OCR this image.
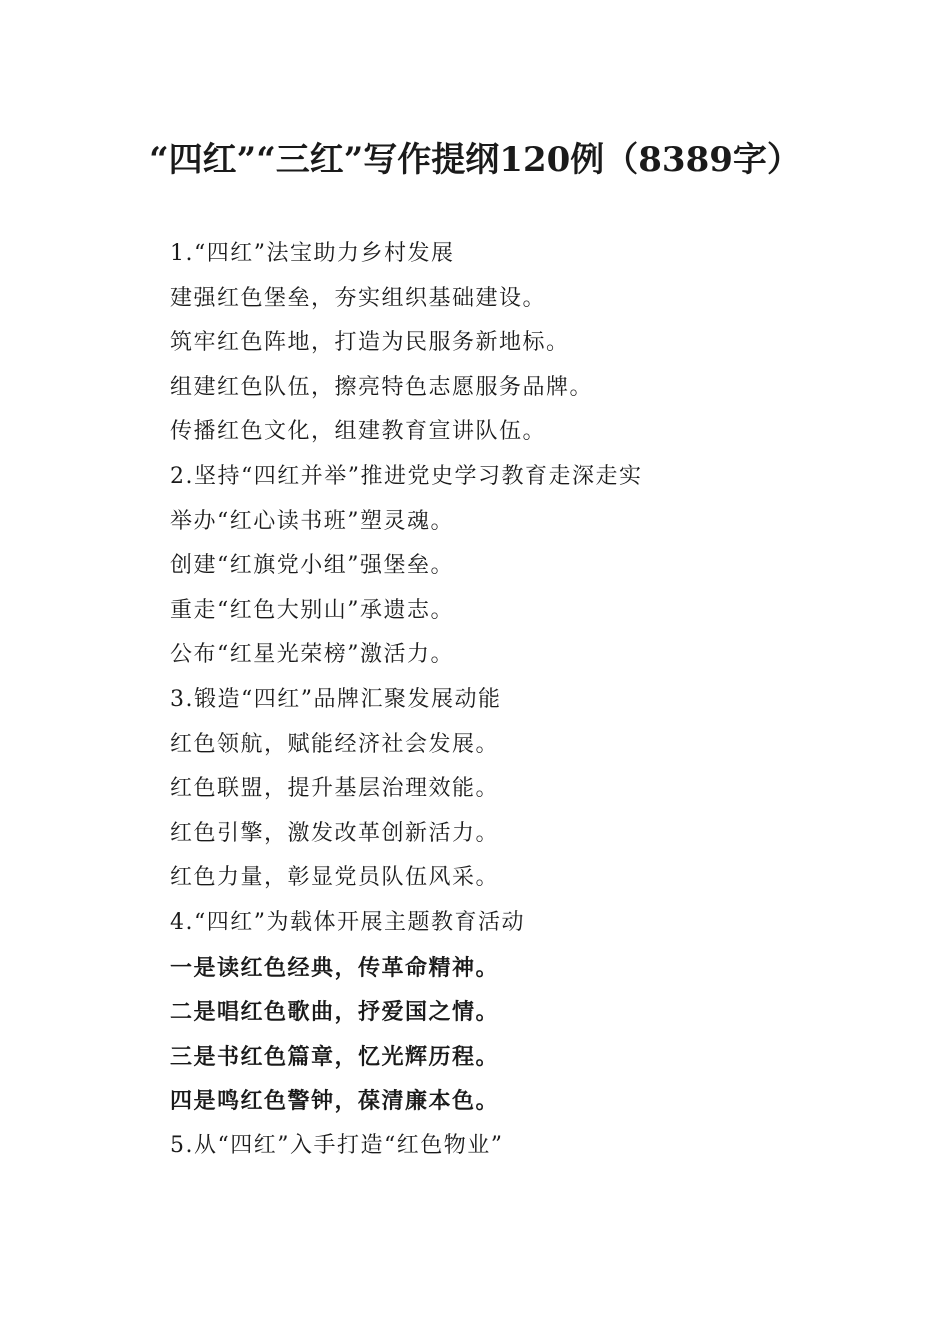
“四红”“三红”写作提纲120例（8389字）
1.“四红”法宝助力乡村发展
建强红色堡垒，夯实组织基础建设。
筑牢红色阵地，打造为民服务新地标。
组建红色队伍，擦亮特色志愿服务品牌。
传播红色文化，组建教育宣讲队伍。
2.坚持“四红并举”推进党史学习教育走深走实
举办“红心读书班”塑灵魂。
创建“红旗党小组”强堡垒。
重走“红色大别山”承遗志。
公布“红星光荣榜”激活力。
3.锻造“四红”品牌汇聚发展动能
红色领航，赋能经济社会发展。
红色联盟，提升基层治理效能。
红色引擎，激发改革创新活力。
红色力量，彰显党员队伍风采。
4.“四红”为载体开展主题教育活动
一是读红色经典，传革命精神。
二是唱红色歌曲，抒爱国之情。
三是书红色篇章，忆光辉历程。
四是鸣红色警钟，葆清廉本色。
5.从“四红”入手打造“红色物业”
